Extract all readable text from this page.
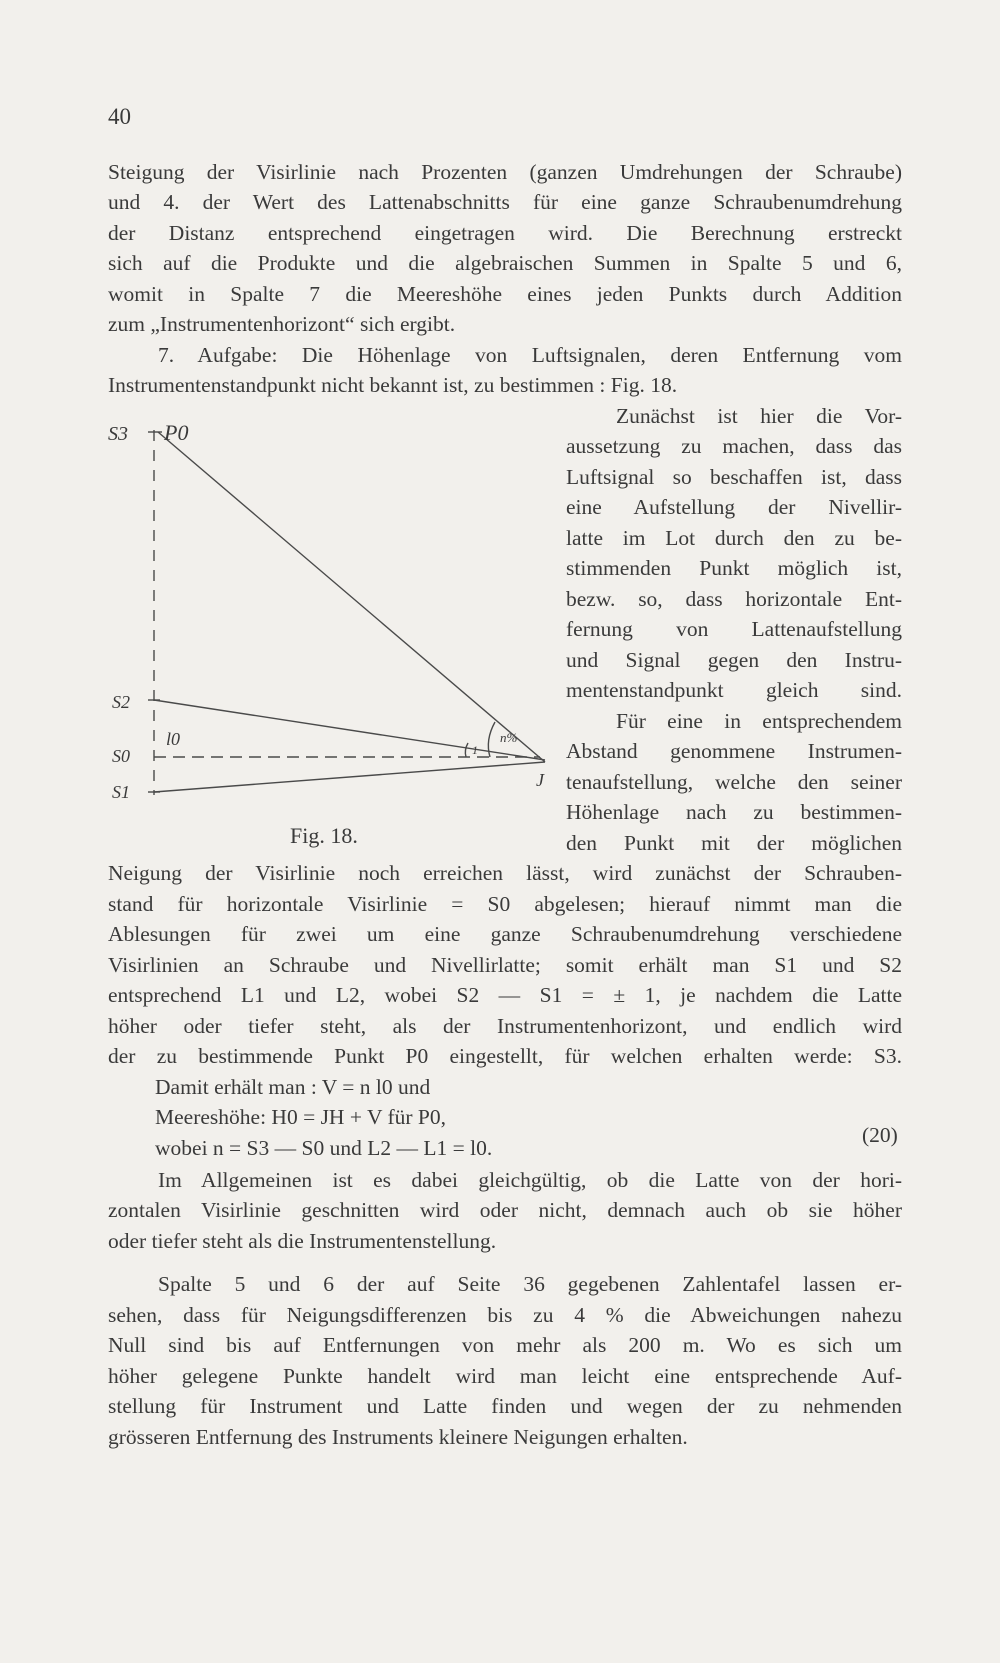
40
Steigung der Visirlinie nach Prozenten (ganzen Umdrehungen der Schraube)
und 4. der Wert des Lattenabschnitts für eine ganze Schraubenumdrehung
der Distanz entsprechend eingetragen wird. Die Berechnung erstreckt
sich auf die Produkte und die algebraischen Summen in Spalte 5 und 6,
womit in Spalte 7 die Meereshöhe eines jeden Punkts durch Addition
zum „Instrumentenhorizont“ sich ergibt.
7. Aufgabe: Die Höhenlage von Luftsignalen, deren Entfernung vom
Instrumentenstandpunkt nicht bekannt ist, zu bestimmen : Fig. 18.
Zunächst ist hier die Vor-
aussetzung zu machen, dass das
Luftsignal so beschaffen ist, dass
eine Aufstellung der Nivellir-
latte im Lot durch den zu be-
stimmenden Punkt möglich ist,
bezw. so, dass horizontale Ent-
fernung von Lattenaufstellung
und Signal gegen den Instru-
mentenstandpunkt gleich sind.
Für eine in entsprechendem
Abstand genommene Instrumen-
tenaufstellung, welche den seiner
Höhenlage nach zu bestimmen-
den Punkt mit der möglichen
S3 P0
S2
l0
S0
S1
J
n%
1
Fig. 18.
Neigung der Visirlinie noch erreichen lässt, wird zunächst der Schrauben-
stand für horizontale Visirlinie = S0 abgelesen; hierauf nimmt man die
Ablesungen für zwei um eine ganze Schraubenumdrehung verschiedene
Visirlinien an Schraube und Nivellirlatte; somit erhält man S1 und S2
entsprechend L1 und L2, wobei S2 — S1 = ± 1, je nachdem die Latte
höher oder tiefer steht, als der Instrumentenhorizont, und endlich wird
der zu bestimmende Punkt P0 eingestellt, für welchen erhalten werde: S3.
Damit erhält man : V = n l0 und
Meereshöhe: H0 = JH + V für P0,
wobei n = S3 — S0 und L2 — L1 = l0.
(20)
Im Allgemeinen ist es dabei gleichgültig, ob die Latte von der hori-
zontalen Visirlinie geschnitten wird oder nicht, demnach auch ob sie höher
oder tiefer steht als die Instrumentenstellung.
Spalte 5 und 6 der auf Seite 36 gegebenen Zahlentafel lassen er-
sehen, dass für Neigungsdifferenzen bis zu 4 % die Abweichungen nahezu
Null sind bis auf Entfernungen von mehr als 200 m. Wo es sich um
höher gelegene Punkte handelt wird man leicht eine entsprechende Auf-
stellung für Instrument und Latte finden und wegen der zu nehmenden
grösseren Entfernung des Instruments kleinere Neigungen erhalten.
